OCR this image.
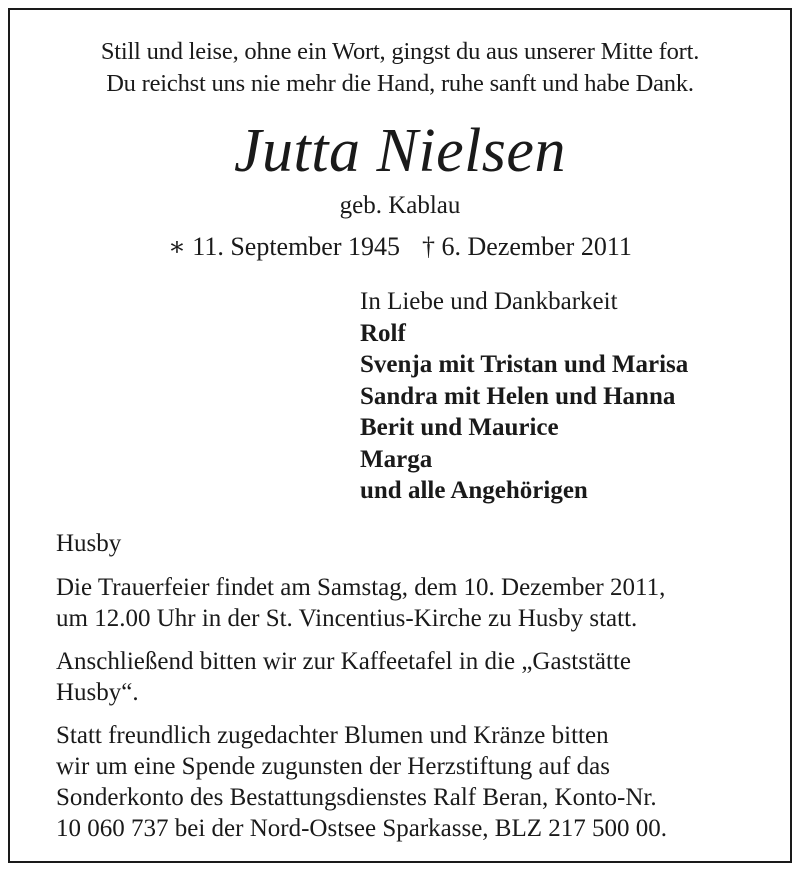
Still und leise, ohne ein Wort, gingst du aus unserer Mitte fort.
Du reichst uns nie mehr die Hand, ruhe sanft und habe Dank.
Jutta Nielsen
geb. Kablau
∗ 11. September 1945 † 6. Dezember 2011
In Liebe und Dankbarkeit
Rolf
Svenja mit Tristan und Marisa
Sandra mit Helen und Hanna
Berit und Maurice
Marga
und alle Angehörigen
Husby
Die Trauerfeier findet am Samstag, dem 10. Dezember 2011,
um 12.00 Uhr in der St. Vincentius-Kirche zu Husby statt.
Anschließend bitten wir zur Kaffeetafel in die „Gaststätte
Husby“.
Statt freundlich zugedachter Blumen und Kränze bitten
wir um eine Spende zugunsten der Herzstiftung auf das
Sonderkonto des Bestattungsdienstes Ralf Beran, Konto-Nr.
10 060 737 bei der Nord-Ostsee Sparkasse, BLZ 217 500 00.
